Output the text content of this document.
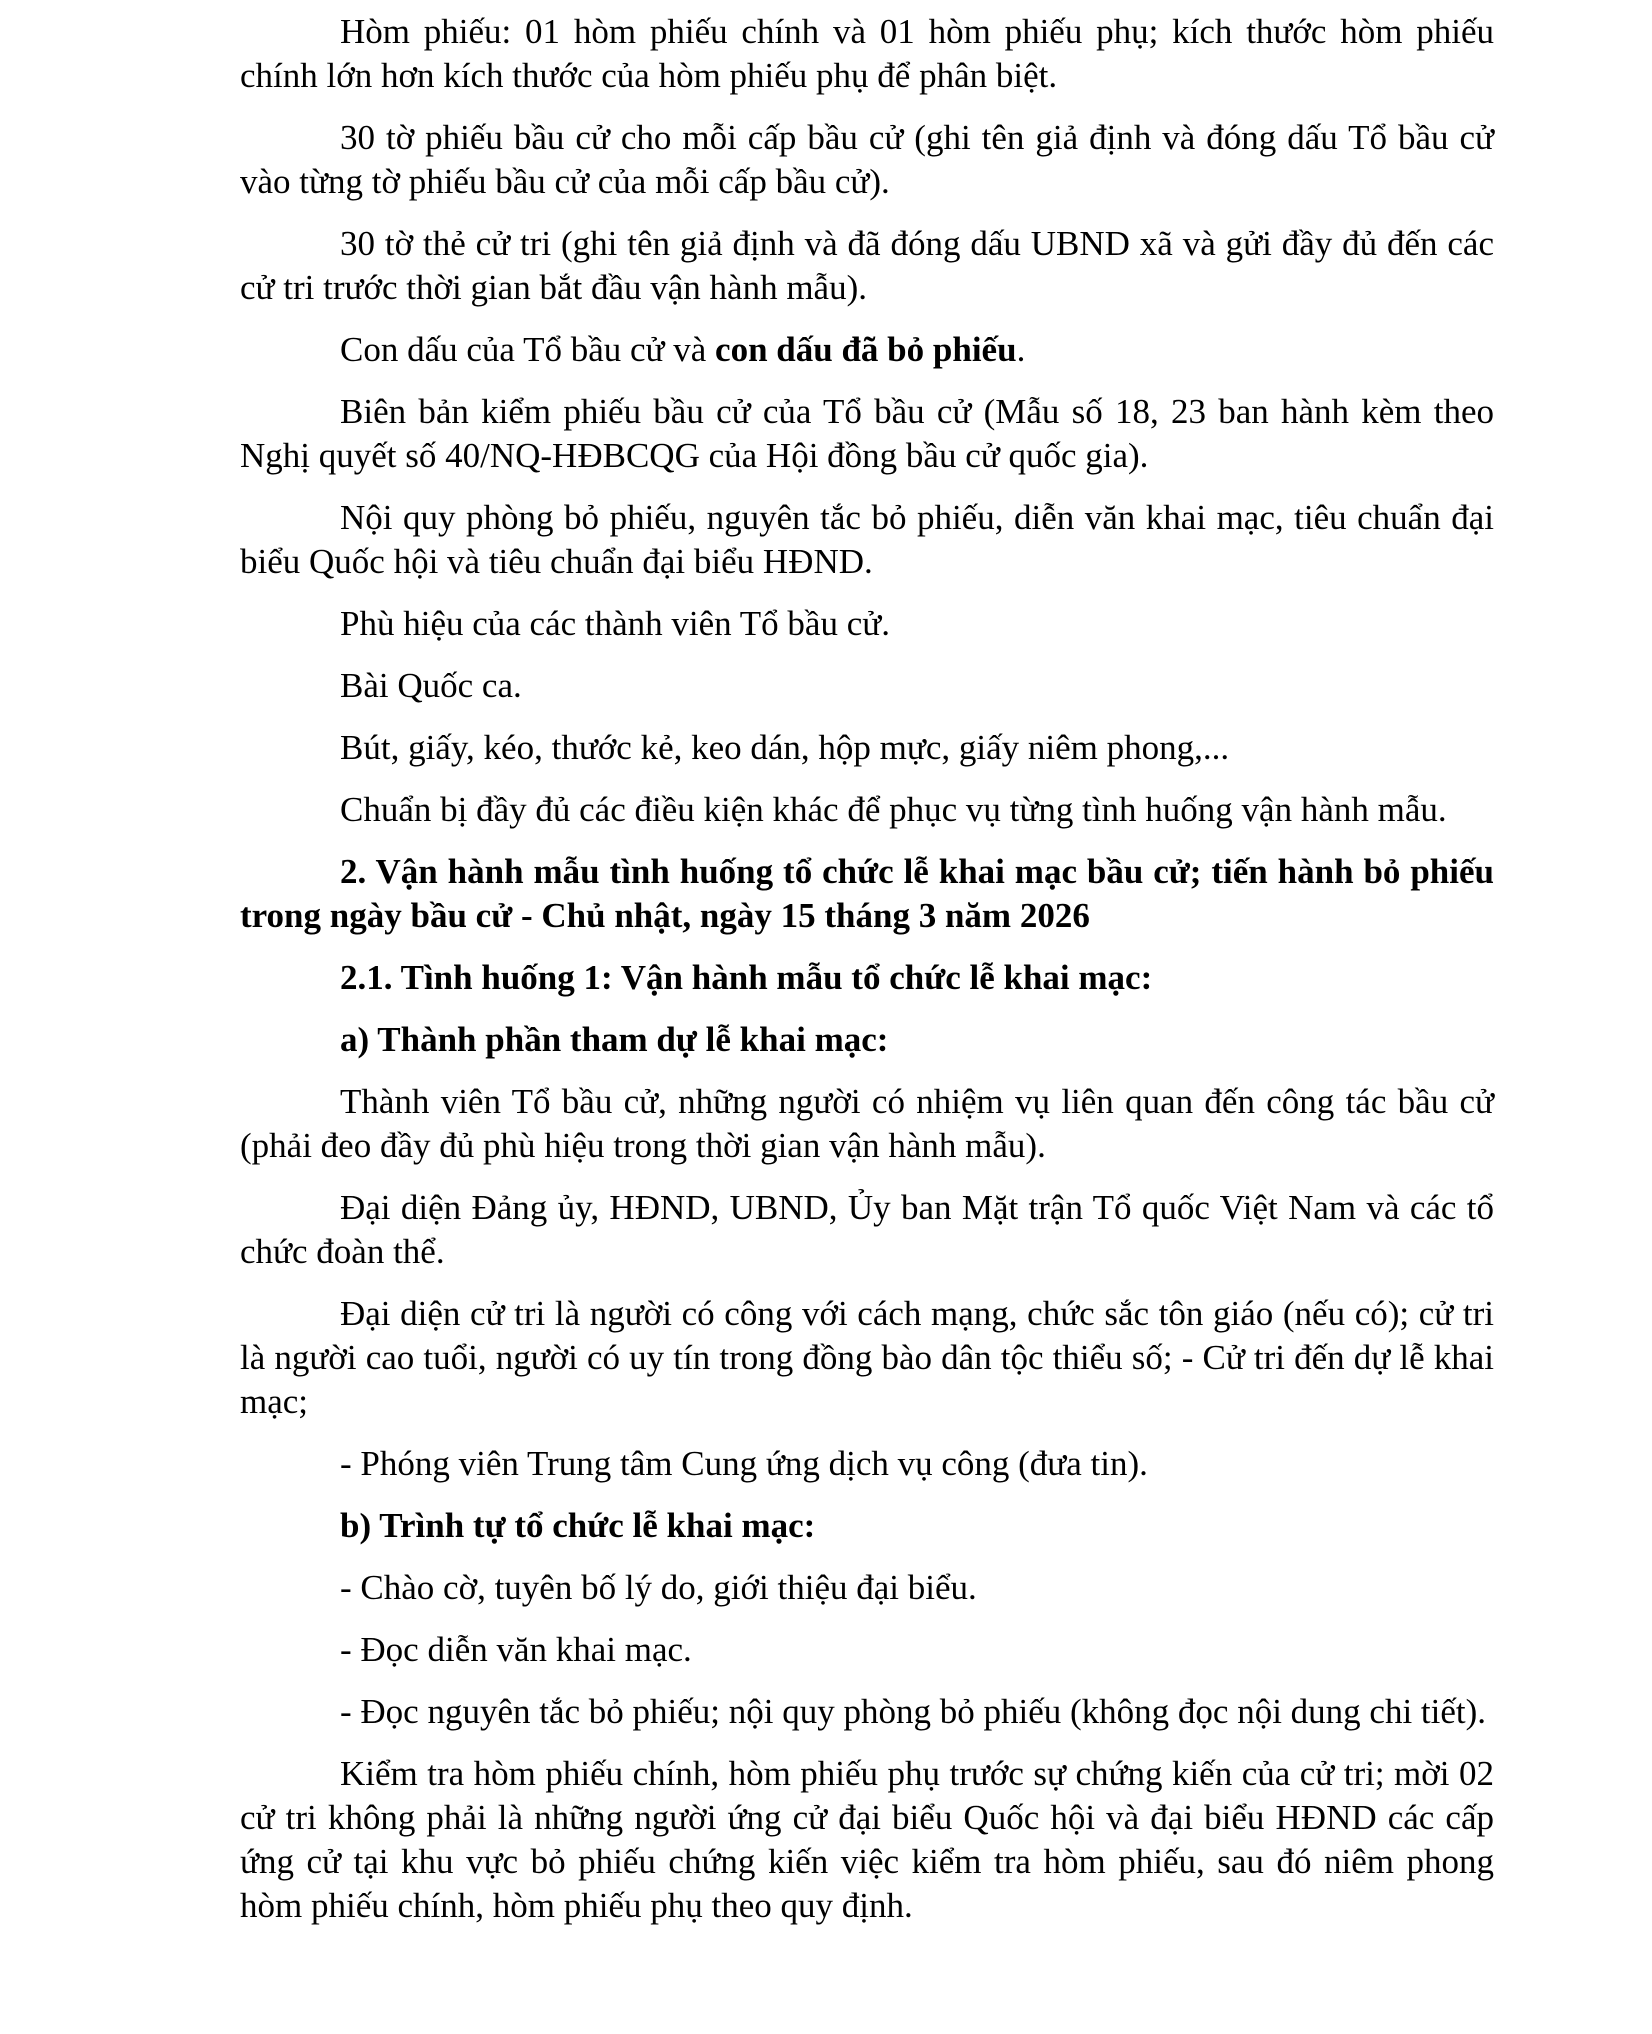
Hòm phiếu: 01 hòm phiếu chính và 01 hòm phiếu phụ; kích thước hòm phiếu chính lớn hơn kích thước của hòm phiếu phụ để phân biệt.

30 tờ phiếu bầu cử cho mỗi cấp bầu cử (ghi tên giả định và đóng dấu Tổ bầu cử vào từng tờ phiếu bầu cử của mỗi cấp bầu cử).

30 tờ thẻ cử tri (ghi tên giả định và đã đóng dấu UBND xã và gửi đầy đủ đến các cử tri trước thời gian bắt đầu vận hành mẫu).

Con dấu của Tổ bầu cử và con dấu đã bỏ phiếu.

Biên bản kiểm phiếu bầu cử của Tổ bầu cử (Mẫu số 18, 23 ban hành kèm theo Nghị quyết số 40/NQ-HĐBCQG của Hội đồng bầu cử quốc gia).

Nội quy phòng bỏ phiếu, nguyên tắc bỏ phiếu, diễn văn khai mạc, tiêu chuẩn đại biểu Quốc hội và tiêu chuẩn đại biểu HĐND.

Phù hiệu của các thành viên Tổ bầu cử.

Bài Quốc ca.

Bút, giấy, kéo, thước kẻ, keo dán, hộp mực, giấy niêm phong,...

Chuẩn bị đầy đủ các điều kiện khác để phục vụ từng tình huống vận hành mẫu.

2. Vận hành mẫu tình huống tổ chức lễ khai mạc bầu cử; tiến hành bỏ phiếu trong ngày bầu cử - Chủ nhật, ngày 15 tháng 3 năm 2026

2.1. Tình huống 1: Vận hành mẫu tổ chức lễ khai mạc:

a) Thành phần tham dự lễ khai mạc:

Thành viên Tổ bầu cử, những người có nhiệm vụ liên quan đến công tác bầu cử (phải đeo đầy đủ phù hiệu trong thời gian vận hành mẫu).

Đại diện Đảng ủy, HĐND, UBND, Ủy ban Mặt trận Tổ quốc Việt Nam và các tổ chức đoàn thể.

Đại diện cử tri là người có công với cách mạng, chức sắc tôn giáo (nếu có); cử tri là người cao tuổi, người có uy tín trong đồng bào dân tộc thiểu số; - Cử tri đến dự lễ khai mạc;

- Phóng viên Trung tâm Cung ứng dịch vụ công (đưa tin).

b) Trình tự tổ chức lễ khai mạc:

- Chào cờ, tuyên bố lý do, giới thiệu đại biểu.

- Đọc diễn văn khai mạc.

- Đọc nguyên tắc bỏ phiếu; nội quy phòng bỏ phiếu (không đọc nội dung chi tiết).

Kiểm tra hòm phiếu chính, hòm phiếu phụ trước sự chứng kiến của cử tri; mời 02 cử tri không phải là những người ứng cử đại biểu Quốc hội và đại biểu HĐND các cấp ứng cử tại khu vực bỏ phiếu chứng kiến việc kiểm tra hòm phiếu, sau đó niêm phong hòm phiếu chính, hòm phiếu phụ theo quy định.
